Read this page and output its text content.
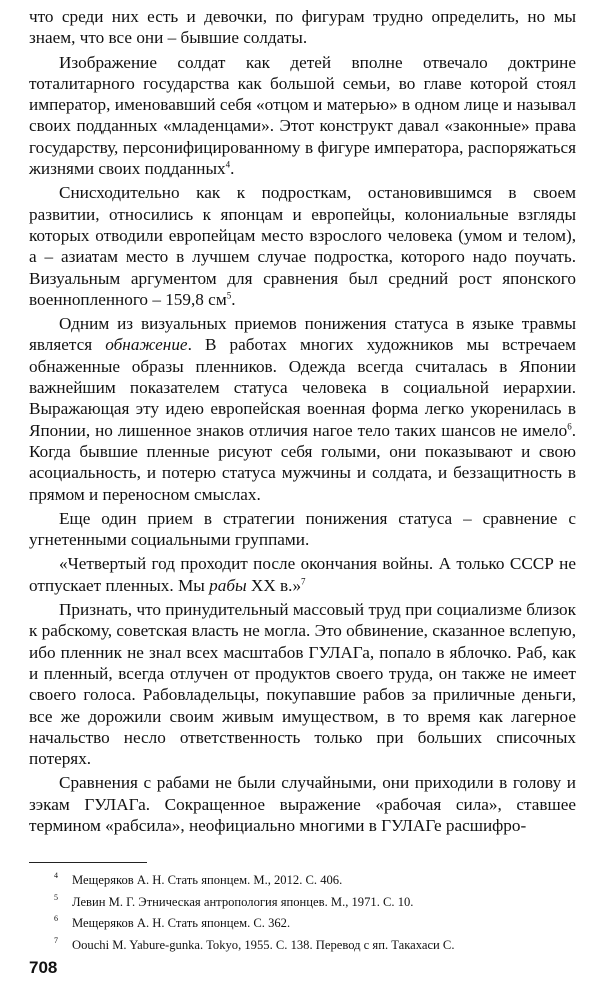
что среди них есть и девочки, по фигурам трудно определить, но мы знаем, что все они – бывшие солдаты.

Изображение солдат как детей вполне отвечало доктрине тоталитарного государства как большой семьи, во главе которой стоял император, именовавший себя «отцом и матерью» в одном лице и называл своих подданных «младенцами». Этот конструкт давал «законные» права государству, персонифицированному в фигуре императора, распоряжаться жизнями своих подданных$^4$.

Снисходительно как к подросткам, остановившимся в своем развитии, относились к японцам и европейцы, колониальные взгляды которых отводили европейцам место взрослого человека (умом и телом), а – азиатам место в лучшем случае подростка, которого надо поучать. Визуальным аргументом для сравнения был средний рост японского военнопленного – 159,8 $см^5$.

Одним из визуальных приемов понижения статуса в языке травмы является обнажение. В работах многих художников мы встречаем обнаженные образы пленников. Одежда всегда считалась в Японии важнейшим показателем статуса человека в социальной иерархии. Выражающая эту идею европейская военная форма легко укоренилась в Японии, но лишенное знаков отличия нагое тело таких шансов не имело$^6$. Когда бывшие пленные рисуют себя голыми, они показывают и свою асоциальность, и потерю статуса мужчины и солдата, и беззащитность в прямом и переносном смыслах.

Еще один прием в стратегии понижения статуса – сравнение с угнетенными социальными группами.

«Четвертый год проходит после окончания войны. А только СССР не отпускает пленных. Мы рабы XX в.»$^7$

Признать, что принудительный массовый труд при социализме близок к рабскому, советская власть не могла. Это обвинение, сказанное вслепую, ибо пленник не знал всех масштабов ГУЛАГа, попало в яблочко. Раб, как и пленный, всегда отлучен от продуктов своего труда, он также не имеет своего голоса. Рабовладельцы, покупавшие рабов за приличные деньги, все же дорожили своим живым имуществом, в то время как лагерное начальство несло ответственность только при больших списочных потерях.

Сравнения с рабами не были случайными, они приходили в голову и зэкам ГУЛАГа. Сокращенное выражение «рабочая сила», ставшее термином «рабсила», неофициально многими в ГУЛАГе расшифро-

$^4$ Мещеряков А. Н. Стать японцем. М., 2012. С. 406.
$^5$ Левин М. Г. Этническая антропология японцев. М., 1971. С. 10.
$^6$ Мещеряков А. Н. Стать японцем. С. 362.
$^7$ Oouchi M. Yabure-gunka. Tokyo, 1955. С. 138. Перевод с яп. Такахаси С.
708
